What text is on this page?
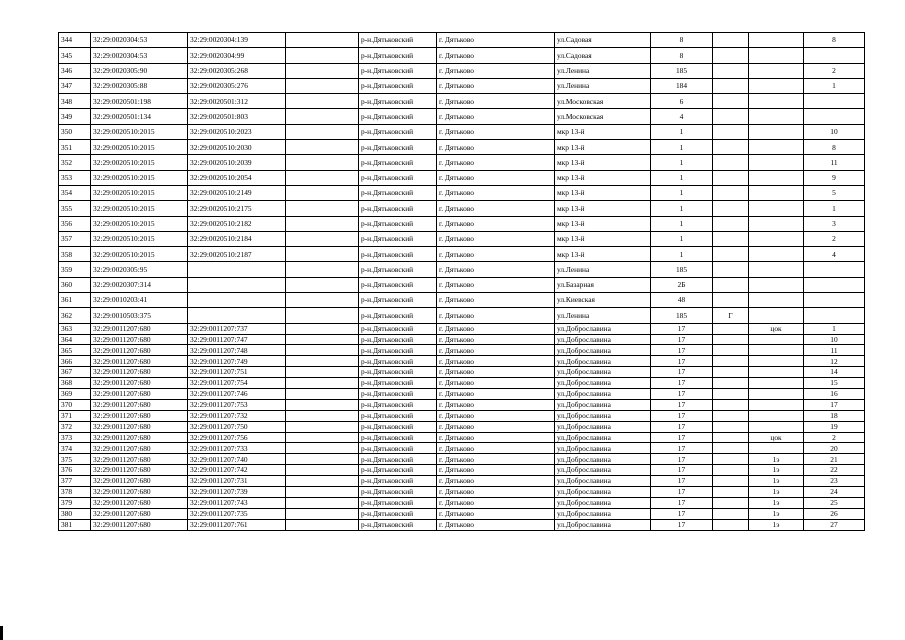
344	32:29:0020304:53	32:29:0020304:139		р-н.Дятьковский	г. Дятьково	ул.Садовая	8			8
345	32:29:0020304:53	32:29:0020304:99		р-н.Дятьковский	г. Дятьково	ул.Садовая	8			
346	32:29:0020305:90	32:29:0020305:268		р-н.Дятьковский	г. Дятьково	ул.Ленина	185			2
347	32:29:0020305:88	32:29:0020305:276		р-н.Дятьковский	г. Дятьково	ул.Ленина	184			1
348	32:29:0020501:198	32:29:0020501:312		р-н.Дятьковский	г. Дятьково	ул.Московская	6			
349	32:29:0020501:134	32:29:0020501:803		р-н.Дятьковский	г. Дятьково	ул.Московская	4			
350	32:29:0020510:2015	32:29:0020510:2023		р-н.Дятьковский	г. Дятьково	мкр 13-й	1			10
351	32:29:0020510:2015	32:29:0020510:2030		р-н.Дятьковский	г. Дятьково	мкр 13-й	1			8
352	32:29:0020510:2015	32:29:0020510:2039		р-н.Дятьковский	г. Дятьково	мкр 13-й	1			11
353	32:29:0020510:2015	32:29:0020510:2054		р-н.Дятьковский	г. Дятьково	мкр 13-й	1			9
354	32:29:0020510:2015	32:29:0020510:2149		р-н.Дятьковский	г. Дятьково	мкр 13-й	1			5
355	32:29:0020510:2015	32:29:0020510:2175		р-н.Дятьковский	г. Дятьково	мкр 13-й	1			1
356	32:29:0020510:2015	32:29:0020510:2182		р-н.Дятьковский	г. Дятьково	мкр 13-й	1			3
357	32:29:0020510:2015	32:29:0020510:2184		р-н.Дятьковский	г. Дятьково	мкр 13-й	1			2
358	32:29:0020510:2015	32:29:0020510:2187		р-н.Дятьковский	г. Дятьково	мкр 13-й	1			4
359	32:29:0020305:95			р-н.Дятьковский	г. Дятьково	ул.Ленина	185			
360	32:29:0020307:314			р-н.Дятьковский	г. Дятьково	ул.Базарная	2Б			
361	32:29:0010203:41			р-н.Дятьковский	г. Дятьково	ул.Киевская	48			
362	32:29:0010503:375			р-н.Дятьковский	г. Дятьково	ул.Ленина	185	Г		
363	32:29:0011207:680	32:29:0011207:737		р-н.Дятьковский	г. Дятьково	ул.Доброславина	17		цок	1
364	32:29:0011207:680	32:29:0011207:747		р-н.Дятьковский	г. Дятьково	ул.Доброславина	17			10
365	32:29:0011207:680	32:29:0011207:748		р-н.Дятьковский	г. Дятьково	ул.Доброславина	17			11
366	32:29:0011207:680	32:29:0011207:749		р-н.Дятьковский	г. Дятьково	ул.Доброславина	17			12
367	32:29:0011207:680	32:29:0011207:751		р-н.Дятьковский	г. Дятьково	ул.Доброславина	17			14
368	32:29:0011207:680	32:29:0011207:754		р-н.Дятьковский	г. Дятьково	ул.Доброславина	17			15
369	32:29:0011207:680	32:29:0011207:746		р-н.Дятьковский	г. Дятьково	ул.Доброславина	17			16
370	32:29:0011207:680	32:29:0011207:753		р-н.Дятьковский	г. Дятьково	ул.Доброславина	17			17
371	32:29:0011207:680	32:29:0011207:732		р-н.Дятьковский	г. Дятьково	ул.Доброславина	17			18
372	32:29:0011207:680	32:29:0011207:750		р-н.Дятьковский	г. Дятьково	ул.Доброславина	17			19
373	32:29:0011207:680	32:29:0011207:756		р-н.Дятьковский	г. Дятьково	ул.Доброславина	17		цок	2
374	32:29:0011207:680	32:29:0011207:733		р-н.Дятьковский	г. Дятьково	ул.Доброславина	17			20
375	32:29:0011207:680	32:29:0011207:740		р-н.Дятьковский	г. Дятьково	ул.Доброславина	17		1э	21
376	32:29:0011207:680	32:29:0011207:742		р-н.Дятьковский	г. Дятьково	ул.Доброславина	17		1э	22
377	32:29:0011207:680	32:29:0011207:731		р-н.Дятьковский	г. Дятьково	ул.Доброславина	17		1э	23
378	32:29:0011207:680	32:29:0011207:739		р-н.Дятьковский	г. Дятьково	ул.Доброславина	17		1э	24
379	32:29:0011207:680	32:29:0011207:743		р-н.Дятьковский	г. Дятьково	ул.Доброславина	17		1э	25
380	32:29:0011207:680	32:29:0011207:735		р-н.Дятьковский	г. Дятьково	ул.Доброславина	17		1э	26
381	32:29:0011207:680	32:29:0011207:761		р-н.Дятьковский	г. Дятьково	ул.Доброславина	17		1э	27
